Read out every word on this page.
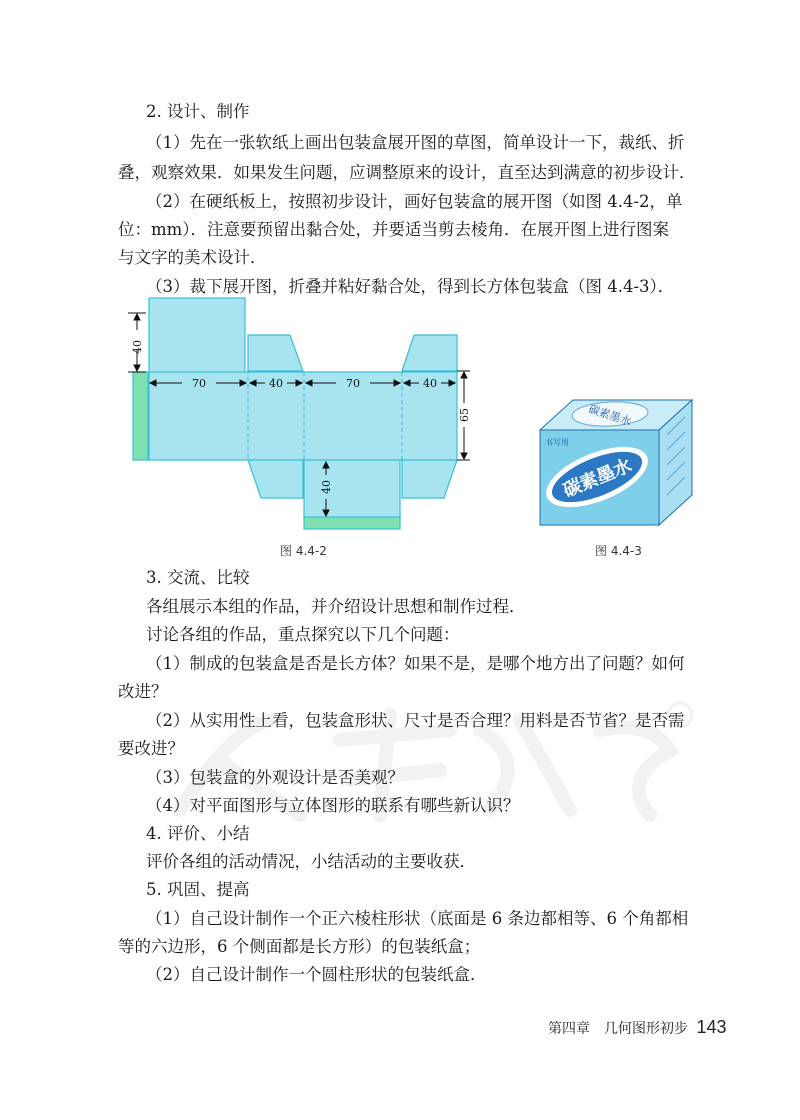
2. 设计、制作
（1）先在一张软纸上画出包装盒展开图的草图，简单设计一下，裁纸、折
叠，观察效果．如果发生问题，应调整原来的设计，直至达到满意的初步设计．
（2）在硬纸板上，按照初步设计，画好包装盒的展开图（如图 4.4-2，单
位：mm）．注意要预留出黏合处，并要适当剪去棱角．在展开图上进行图案
与文字的美术设计．
（3）裁下展开图，折叠并粘好黏合处，得到长方体包装盒（图 4.4-3）．
40
70	40	70	40
65
40
图 4.4-2
碳素墨水
书写用
碳素墨水
图 4.4-3
3. 交流、比较
各组展示本组的作品，并介绍设计思想和制作过程．
讨论各组的作品，重点探究以下几个问题：
（1）制成的包装盒是否是长方体？如果不是，是哪个地方出了问题？如何
改进？
（2）从实用性上看，包装盒形状、尺寸是否合理？用料是否节省？是否需
要改进？
（3）包装盒的外观设计是否美观？
（4）对平面图形与立体图形的联系有哪些新认识？
4. 评价、小结
评价各组的活动情况，小结活动的主要收获．
5. 巩固、提高
（1）自己设计制作一个正六棱柱形状（底面是 6 条边都相等、6 个角都相
等的六边形，6 个侧面都是长方形）的包装纸盒；
（2）自己设计制作一个圆柱形状的包装纸盒．
第四章　几何图形初步 143
